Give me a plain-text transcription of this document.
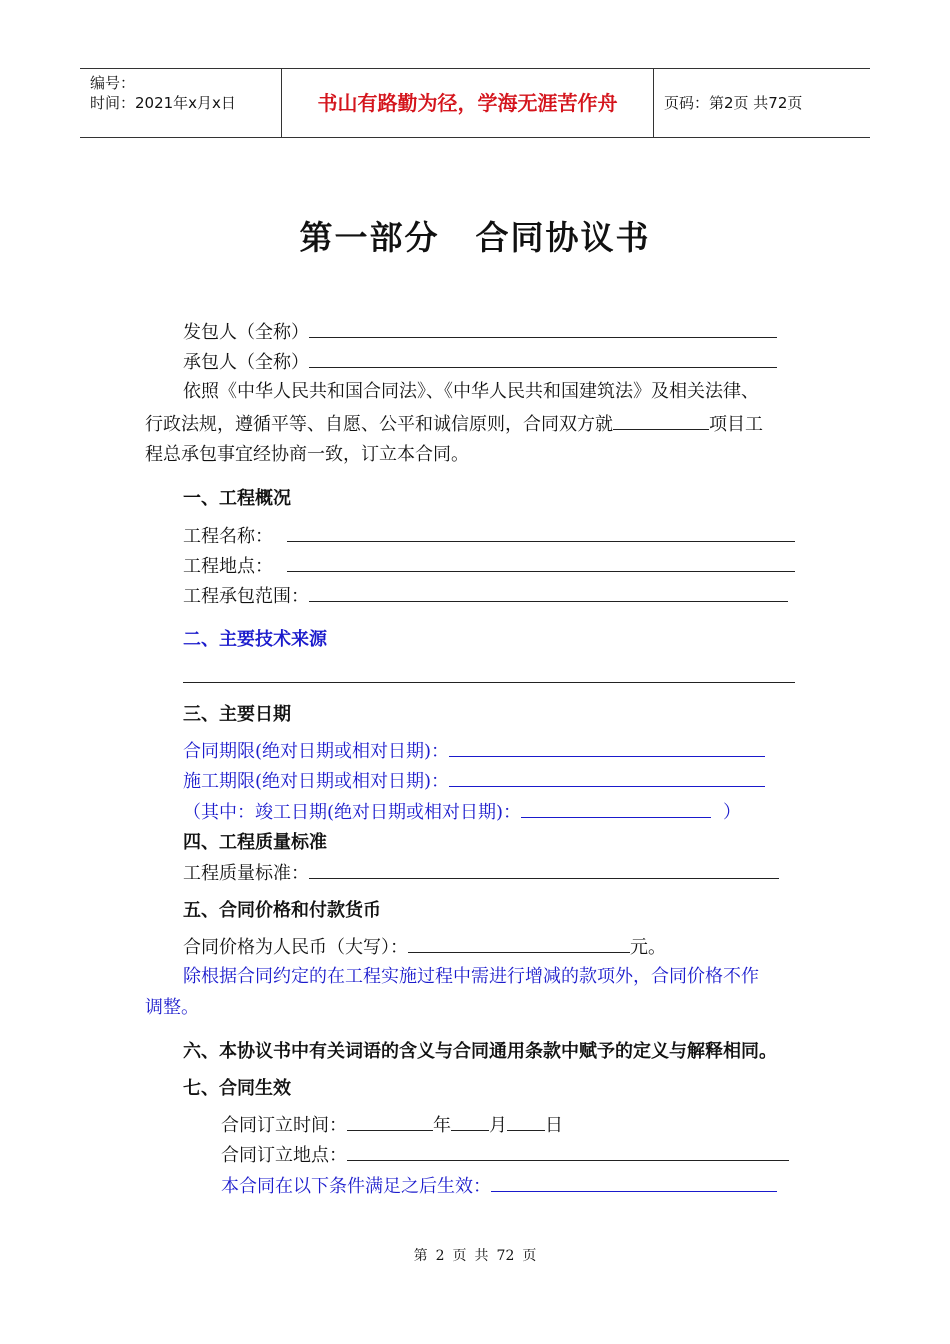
编号：
时间：2021年x月x日	书山有路勤为径，学海无涯苦作舟	页码：第2页 共72页
第一部分 合同协议书
发包人（全称）
承包人（全称）
依照《中华人民共和国合同法》、《中华人民共和国建筑法》及相关法律、
行政法规，遵循平等、自愿、公平和诚信原则，合同双方就	项目工
程总承包事宜经协商一致，订立本合同。
一、工程概况
工程名称：
工程地点：
工程承包范围：
二、主要技术来源
三、主要日期
合同期限(绝对日期或相对日期)：
施工期限(绝对日期或相对日期)：
（其中：竣工日期(绝对日期或相对日期)：	）
四、工程质量标准
工程质量标准：
五、合同价格和付款货币
合同价格为人民币（大写）：	元。
除根据合同约定的在工程实施过程中需进行增减的款项外，合同价格不作
调整。
六、本协议书中有关词语的含义与合同通用条款中赋予的定义与解释相同。
七、合同生效
合同订立时间：	年 月 日
合同订立地点：
本合同在以下条件满足之后生效：
第 2 页 共 72 页
